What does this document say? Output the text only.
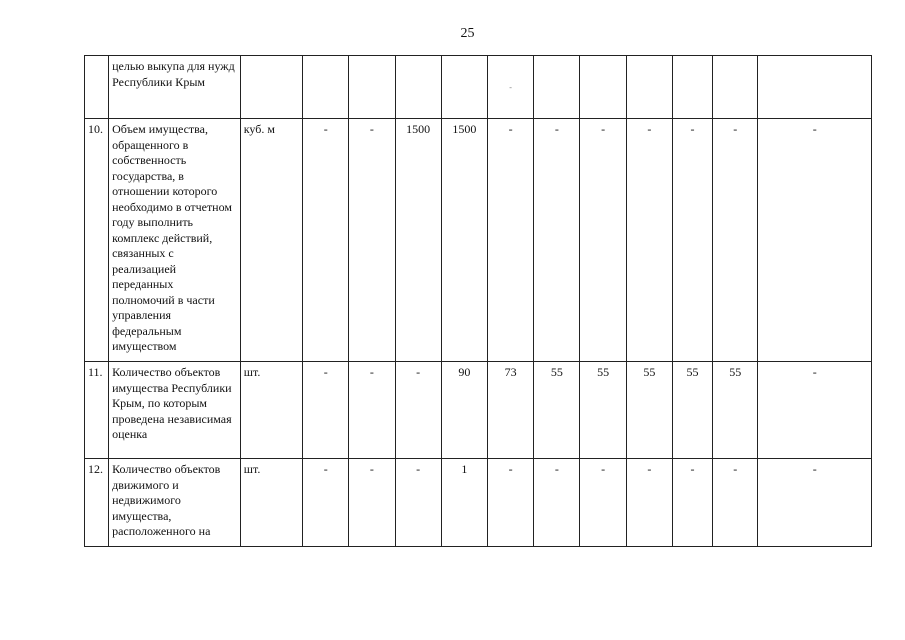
25
	целью выкупа для нужд Республики Крым						-						
10.	Объем имущества, обращенного в собственность государства, в отношении которого необходимо в отчетном году выполнить комплекс действий, связанных с реализацией переданных полномочий в части управления федеральным имуществом	куб. м	-	-	1500	1500	-	-	-	-	-	-	-
11.	Количество объектов имущества Республики Крым, по которым проведена независимая оценка	шт.	-	-	-	90	73	55	55	55	55	55	-
12.	Количество объектов движимого и недвижимого имущества, расположенного на	шт.	-	-	-	1	-	-	-	-	-	-	-
